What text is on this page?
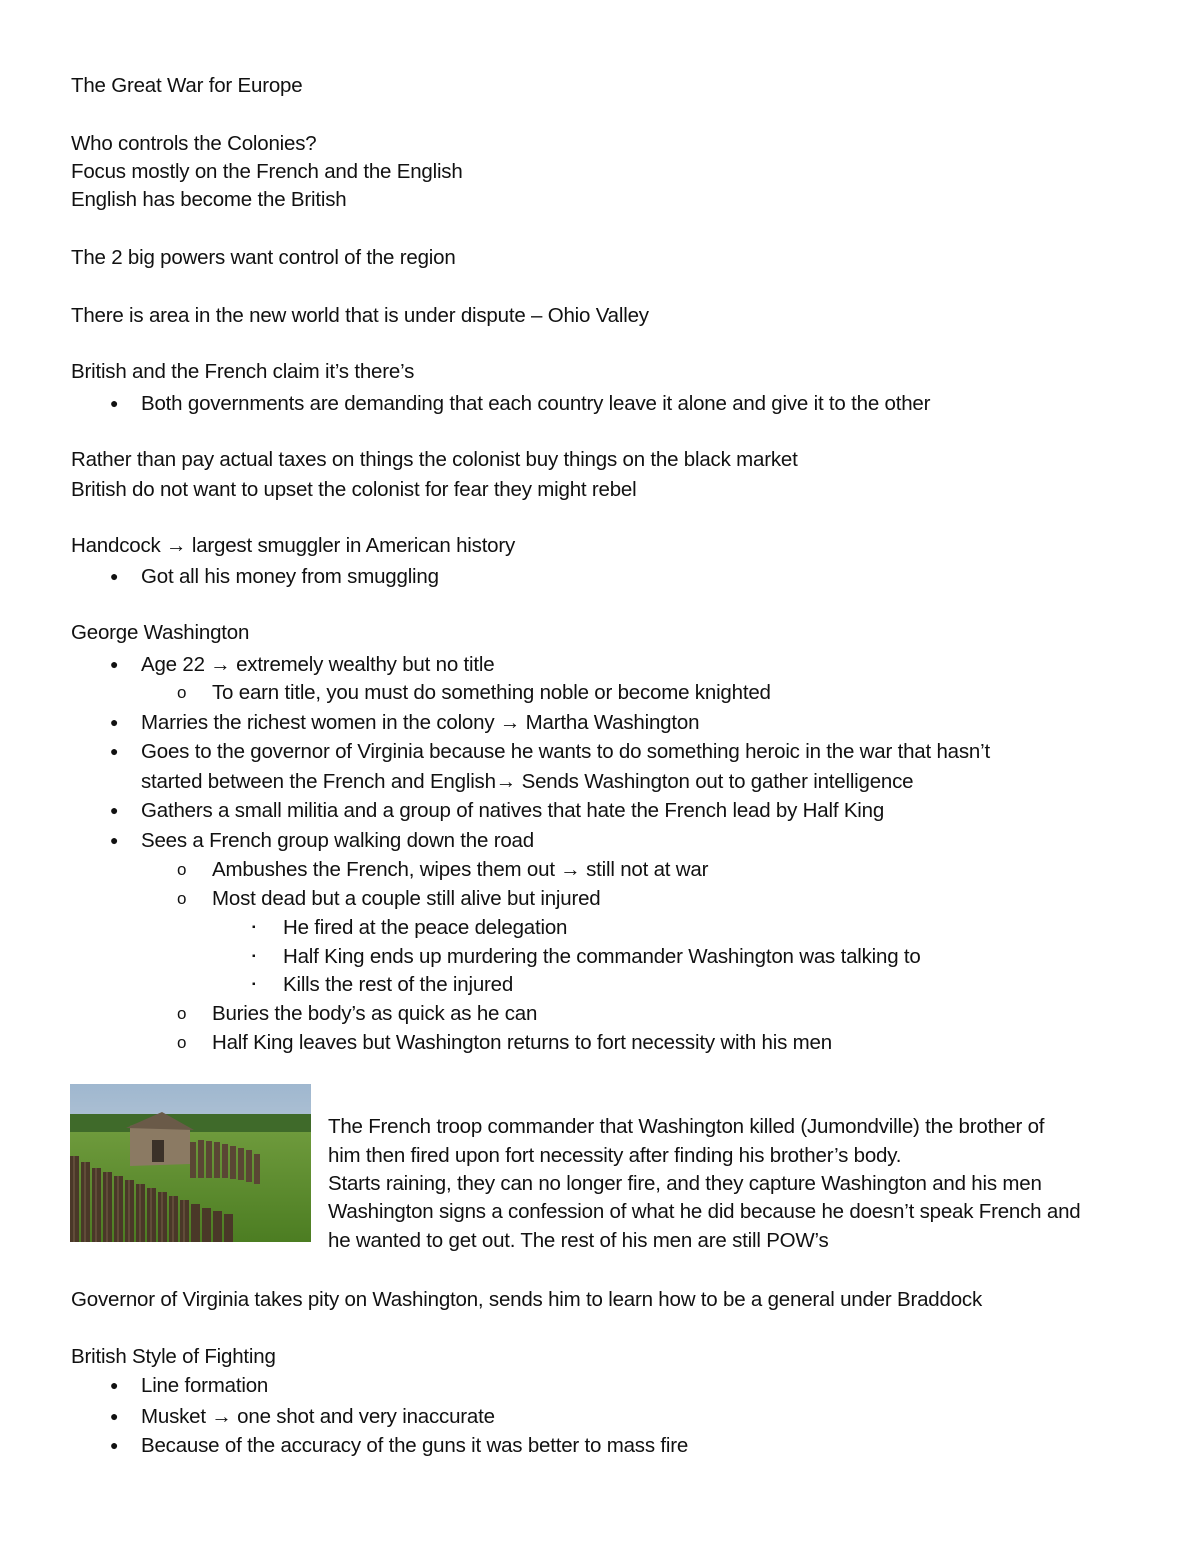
The Great War for Europe
Who controls the Colonies?
Focus mostly on the French and the English
English has become the British
The 2 big powers want control of the region
There is area in the new world that is under dispute – Ohio Valley
British and the French claim it’s there’s
● Both governments are demanding that each country leave it alone and give it to the other
Rather than pay actual taxes on things the colonist buy things on the black market
British do not want to upset the colonist for fear they might rebel
Handcock → largest smuggler in American history
● Got all his money from smuggling
George Washington
● Age 22 → extremely wealthy but no title
o To earn title, you must do something noble or become knighted
● Marries the richest women in the colony → Martha Washington
● Goes to the governor of Virginia because he wants to do something heroic in the war that hasn’t
started between the French and English→ Sends Washington out to gather intelligence
● Gathers a small militia and a group of natives that hate the French lead by Half King
● Sees a French group walking down the road
o Ambushes the French, wipes them out → still not at war
o Most dead but a couple still alive but injured
▪ He fired at the peace delegation
▪ Half King ends up murdering the commander Washington was talking to
▪ Kills the rest of the injured
o Buries the body’s as quick as he can
o Half King leaves but Washington returns to fort necessity with his men
The French troop commander that Washington killed (Jumondville) the brother of
him then fired upon fort necessity after finding his brother’s body.
Starts raining, they can no longer fire, and they capture Washington and his men
Washington signs a confession of what he did because he doesn’t speak French and
he wanted to get out. The rest of his men are still POW’s
Governor of Virginia takes pity on Washington, sends him to learn how to be a general under Braddock
British Style of Fighting
● Line formation
● Musket → one shot and very inaccurate
● Because of the accuracy of the guns it was better to mass fire
